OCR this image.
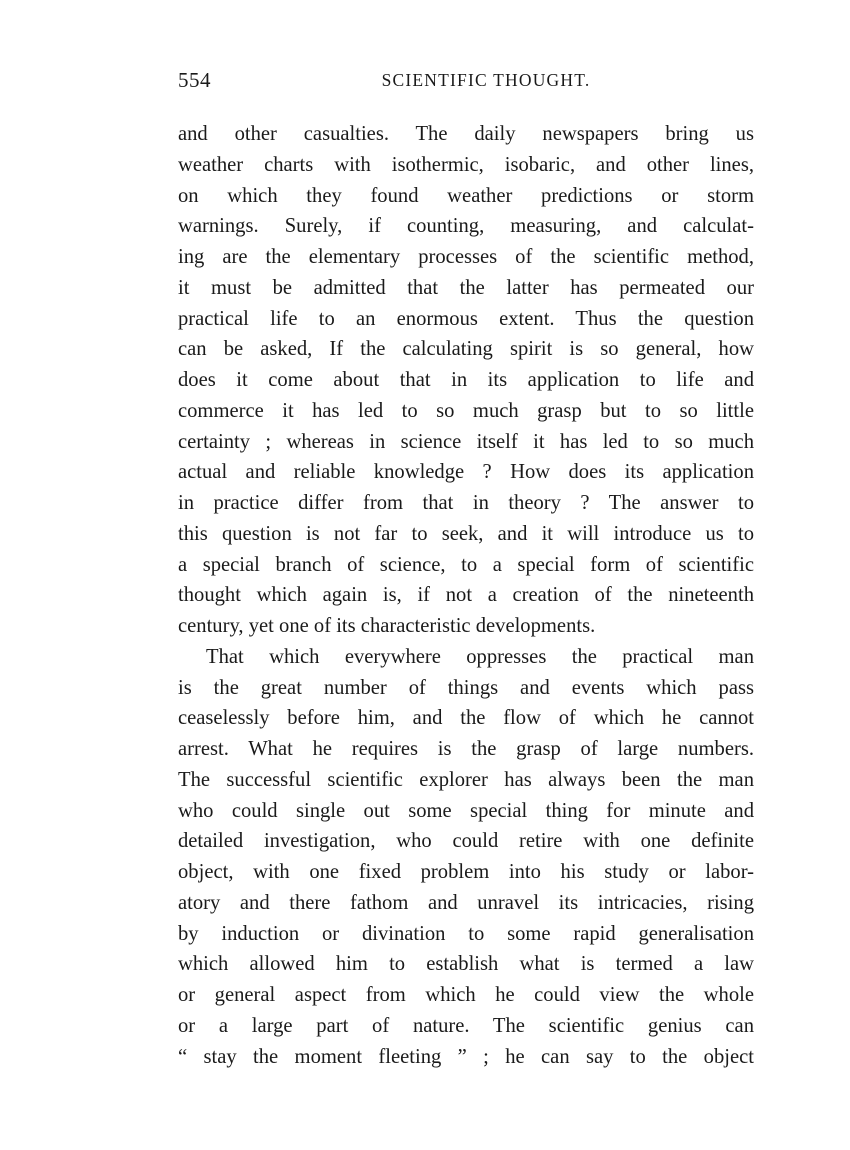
554	SCIENTIFIC THOUGHT.
and other casualties. The daily newspapers bring us
weather charts with isothermic, isobaric, and other lines,
on which they found weather predictions or storm
warnings. Surely, if counting, measuring, and calculat-
ing are the elementary processes of the scientific method,
it must be admitted that the latter has permeated our
practical life to an enormous extent. Thus the question
can be asked, If the calculating spirit is so general, how
does it come about that in its application to life and
commerce it has led to so much grasp but to so little
certainty ; whereas in science itself it has led to so much
actual and reliable knowledge ? How does its application
in practice differ from that in theory ? The answer to
this question is not far to seek, and it will introduce us to
a special branch of science, to a special form of scientific
thought which again is, if not a creation of the nineteenth
century, yet one of its characteristic developments.
That which everywhere oppresses the practical man
is the great number of things and events which pass
ceaselessly before him, and the flow of which he cannot
arrest. What he requires is the grasp of large numbers.
The successful scientific explorer has always been the man
who could single out some special thing for minute and
detailed investigation, who could retire with one definite
object, with one fixed problem into his study or labor-
atory and there fathom and unravel its intricacies, rising
by induction or divination to some rapid generalisation
which allowed him to establish what is termed a law
or general aspect from which he could view the whole
or a large part of nature. The scientific genius can
“ stay the moment fleeting ” ; he can say to the object
